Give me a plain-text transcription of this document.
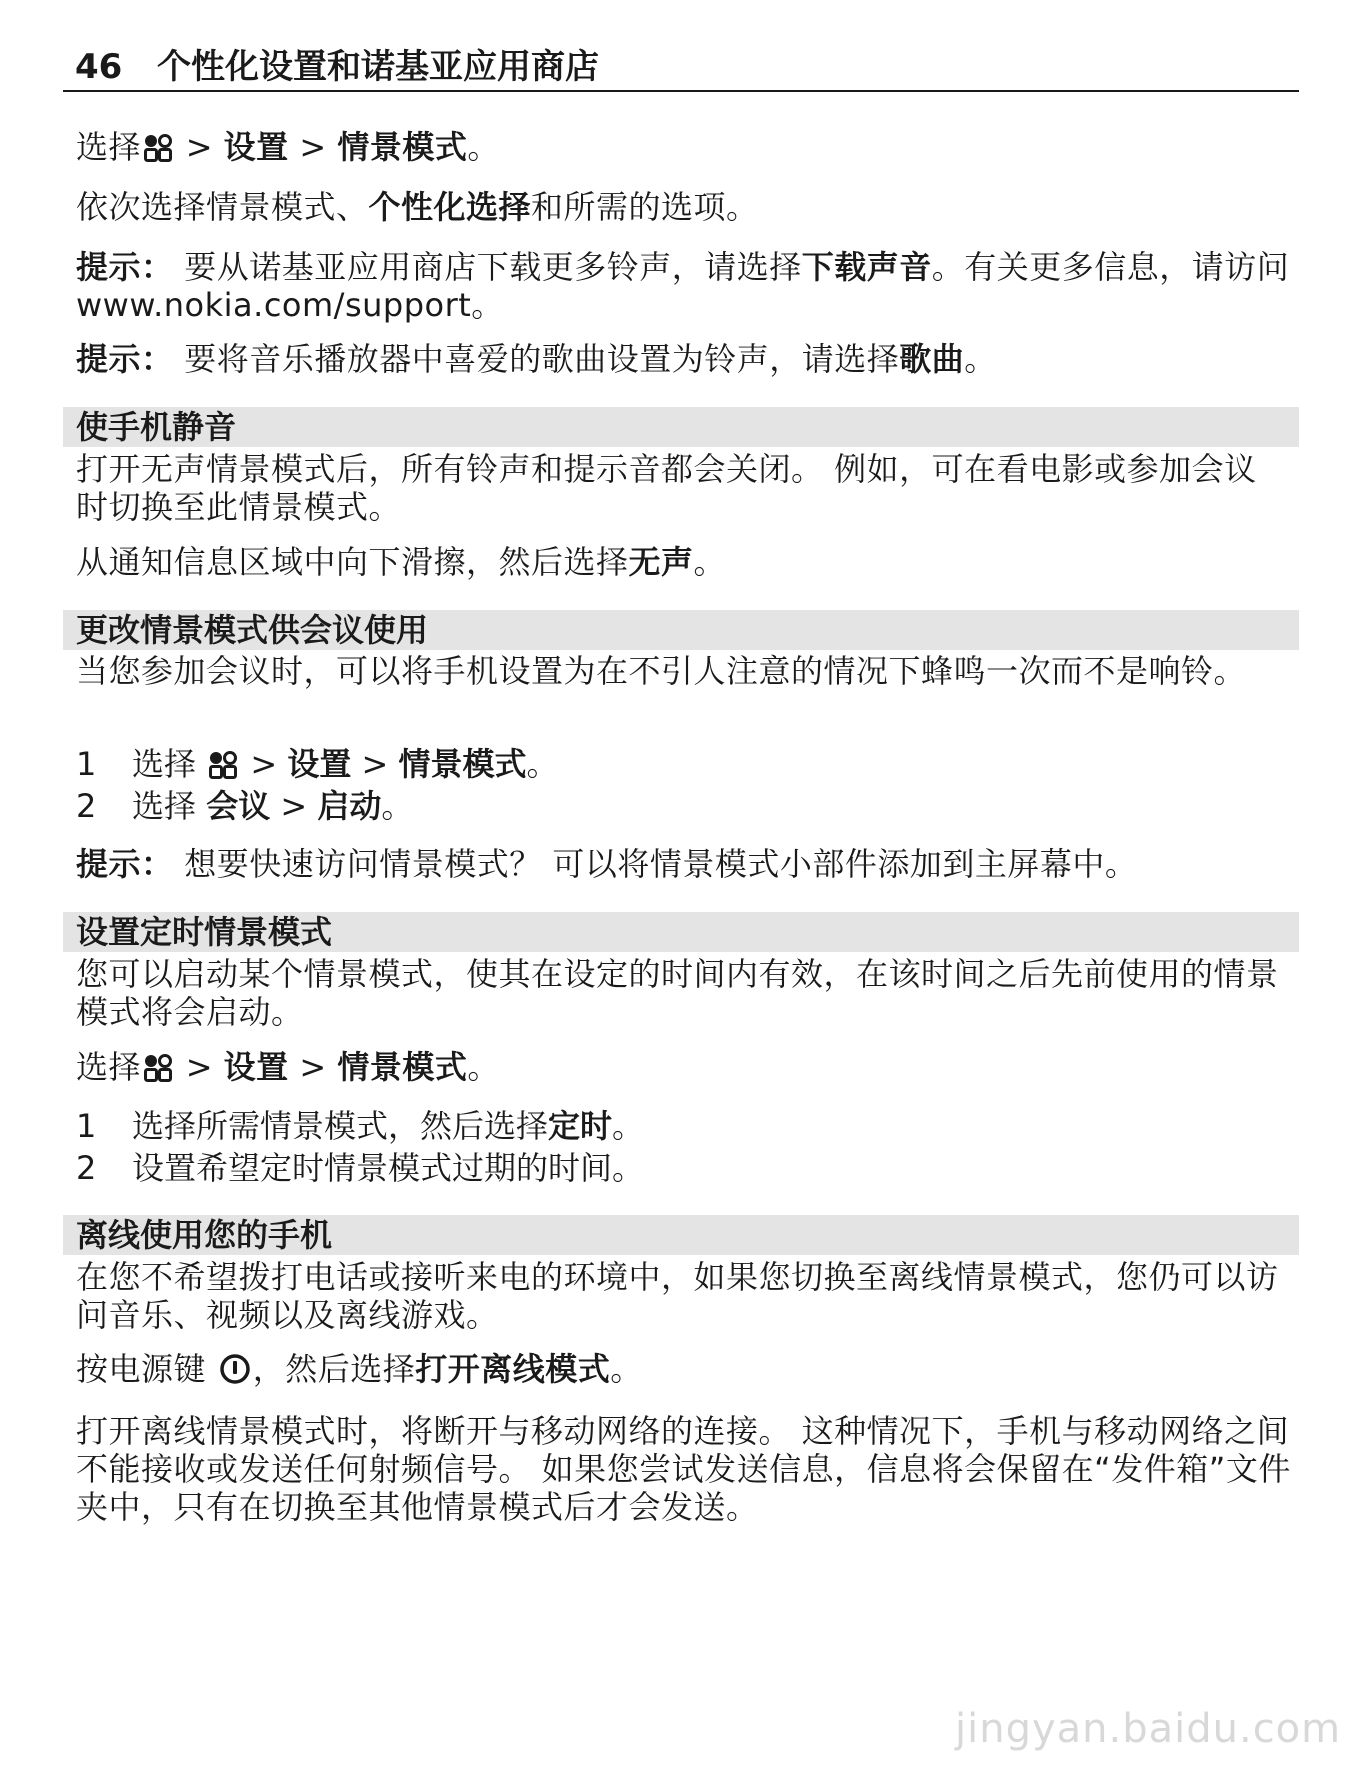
46 个性化设置和诺基亚应用商店
选择 > 设置 > 情景模式。
依次选择情景模式、个性化选择和所需的选项。
提示： 要从诺基亚应用商店下载更多铃声，请选择下载声音。有关更多信息，请访问 www.nokia.com/support。
提示： 要将音乐播放器中喜爱的歌曲设置为铃声，请选择歌曲。
使手机静音
打开无声情景模式后，所有铃声和提示音都会关闭。 例如，可在看电影或参加会议时切换至此情景模式。
从通知信息区域中向下滑擦，然后选择无声。
更改情景模式供会议使用
当您参加会议时，可以将手机设置为在不引人注意的情况下蜂鸣一次而不是响铃。
1 选择  > 设置 > 情景模式。
2 选择 会议 > 启动。
提示： 想要快速访问情景模式？ 可以将情景模式小部件添加到主屏幕中。
设置定时情景模式
您可以启动某个情景模式，使其在设定的时间内有效，在该时间之后先前使用的情景模式将会启动。
选择 > 设置 > 情景模式。
1 选择所需情景模式，然后选择定时。
2 设置希望定时情景模式过期的时间。
离线使用您的手机
在您不希望拨打电话或接听来电的环境中，如果您切换至离线情景模式，您仍可以访问音乐、视频以及离线游戏。
按电源键 ，然后选择打开离线模式。
打开离线情景模式时，将断开与移动网络的连接。 这种情况下，手机与移动网络之间不能接收或发送任何射频信号。 如果您尝试发送信息，信息将会保留在“发件箱”文件夹中，只有在切换至其他情景模式后才会发送。
jingyan.baidu.com
